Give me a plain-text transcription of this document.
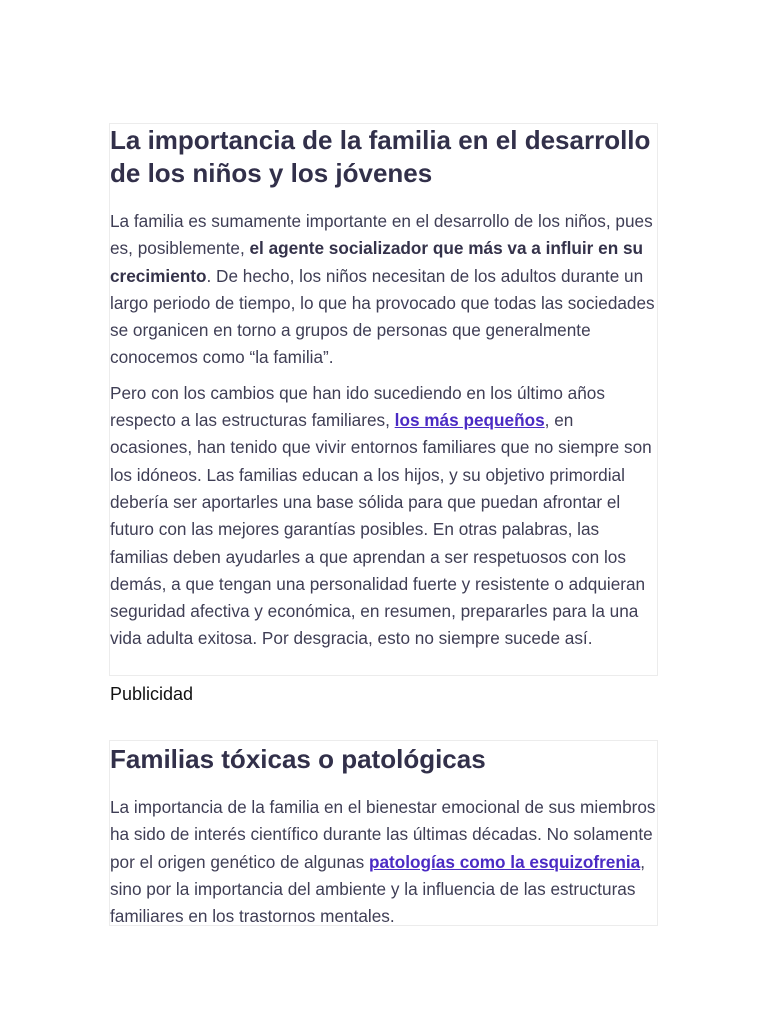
La importancia de la familia en el desarrollo de los niños y los jóvenes

La familia es sumamente importante en el desarrollo de los niños, pues es, posiblemente, el agente socializador que más va a influir en su crecimiento. De hecho, los niños necesitan de los adultos durante un largo periodo de tiempo, lo que ha provocado que todas las sociedades se organicen en torno a grupos de personas que generalmente conocemos como “la familia”.

Pero con los cambios que han ido sucediendo en los último años respecto a las estructuras familiares, los más pequeños, en ocasiones, han tenido que vivir entornos familiares que no siempre son los idóneos. Las familias educan a los hijos, y su objetivo primordial debería ser aportarles una base sólida para que puedan afrontar el futuro con las mejores garantías posibles. En otras palabras, las familias deben ayudarles a que aprendan a ser respetuosos con los demás, a que tengan una personalidad fuerte y resistente o adquieran seguridad afectiva y económica, en resumen, prepararles para la una vida adulta exitosa. Por desgracia, esto no siempre sucede así.

Publicidad
Familias tóxicas o patológicas

La importancia de la familia en el bienestar emocional de sus miembros ha sido de interés científico durante las últimas décadas. No solamente por el origen genético de algunas patologías como la esquizofrenia, sino por la importancia del ambiente y la influencia de las estructuras familiares en los trastornos mentales.
